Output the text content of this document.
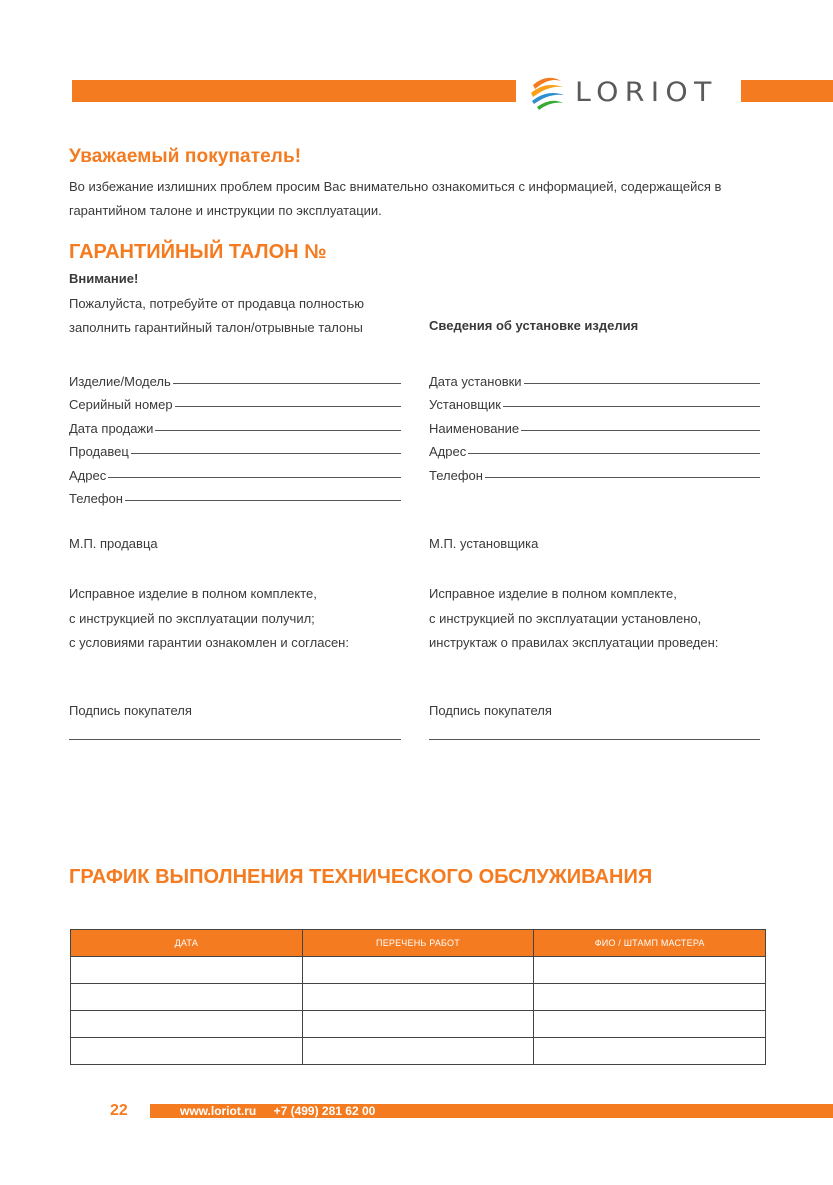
LORIOT
Уважаемый покупатель!
Во избежание излишних проблем просим Вас внимательно ознакомиться с информацией, содержащейся в
гарантийном талоне и инструкции по эксплуатации.
ГАРАНТИЙНЫЙ ТАЛОН №
Внимание!
Пожалуйста, потребуйте от продавца полностью
заполнить гарантийный талон/отрывные талоны	Сведения об установке изделия
Изделие/Модель
Серийный номер
Дата продажи
Продавец
Адрес
Телефон
Дата установки
Установщик
Наименование
Адрес
Телефон
М.П. продавца	М.П. установщика
Исправное изделие в полном комплекте,
с инструкцией по эксплуатации получил;
с условиями гарантии ознакомлен и согласен:
Исправное изделие в полном комплекте,
с инструкцией по эксплуатации установлено,
инструктаж о правилах эксплуатации проведен:
Подпись покупателя	Подпись покупателя
ГРАФИК ВЫПОЛНЕНИЯ ТЕХНИЧЕСКОГО ОБСЛУЖИВАНИЯ
ДАТА	ПЕРЕЧЕНЬ РАБОТ	ФИО / ШТАМП МАСТЕРА

22	www.loriot.ru +7 (499) 281 62 00
